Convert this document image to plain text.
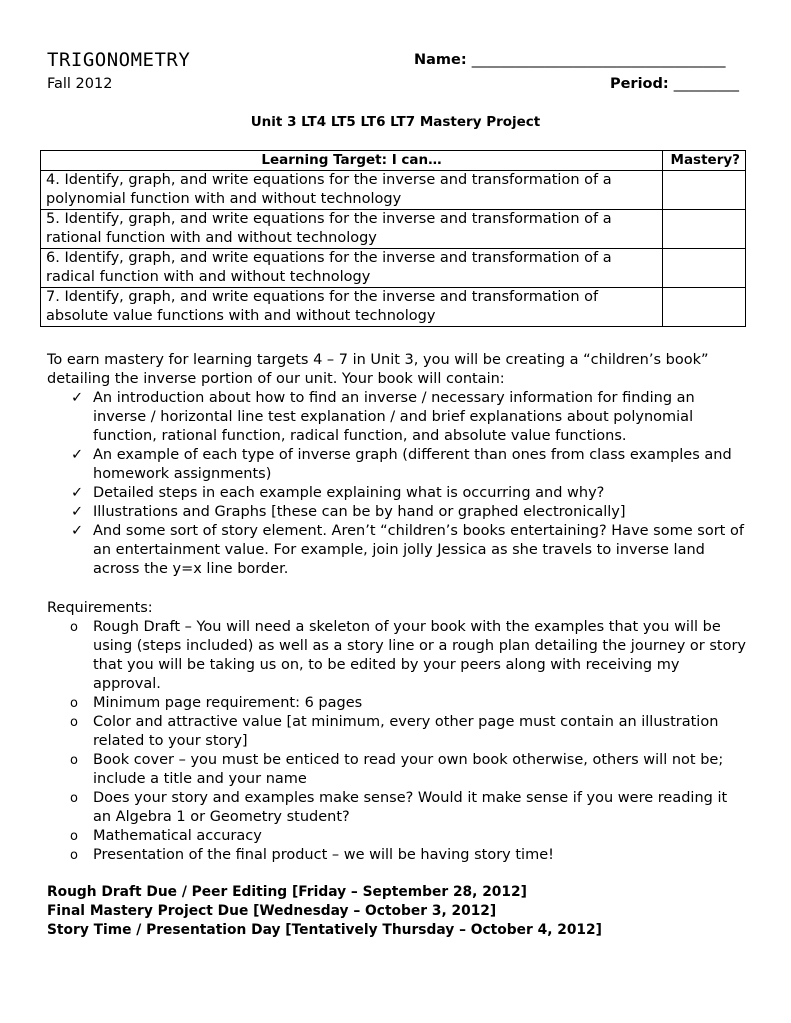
TRIGONOMETRY	Name: ___________________________________
Fall 2012	Period: _________
Unit 3 LT4 LT5 LT6 LT7 Mastery Project
Learning Target: I can…	Mastery?
4. Identify, graph, and write equations for the inverse and transformation of a polynomial function with and without technology	
5. Identify, graph, and write equations for the inverse and transformation of a rational function with and without technology	
6. Identify, graph, and write equations for the inverse and transformation of a radical function with and without technology	
7. Identify, graph, and write equations for the inverse and transformation of absolute value functions with and without technology	
To earn mastery for learning targets 4 – 7 in Unit 3, you will be creating a “children’s book” detailing the inverse portion of our unit. Your book will contain:
✓ An introduction about how to find an inverse / necessary information for finding an inverse / horizontal line test explanation / and brief explanations about polynomial function, rational function, radical function, and absolute value functions.
✓ An example of each type of inverse graph (different than ones from class examples and homework assignments)
✓ Detailed steps in each example explaining what is occurring and why?
✓ Illustrations and Graphs [these can be by hand or graphed electronically]
✓ And some sort of story element. Aren’t “children’s books entertaining? Have some sort of an entertainment value. For example, join jolly Jessica as she travels to inverse land across the y=x line border.
Requirements:
o Rough Draft – You will need a skeleton of your book with the examples that you will be using (steps included) as well as a story line or a rough plan detailing the journey or story that you will be taking us on, to be edited by your peers along with receiving my approval.
o Minimum page requirement: 6 pages
o Color and attractive value [at minimum, every other page must contain an illustration related to your story]
o Book cover – you must be enticed to read your own book otherwise, others will not be; include a title and your name
o Does your story and examples make sense? Would it make sense if you were reading it an Algebra 1 or Geometry student?
o Mathematical accuracy
o Presentation of the final product – we will be having story time!
Rough Draft Due / Peer Editing [Friday – September 28, 2012]
Final Mastery Project Due [Wednesday – October 3, 2012]
Story Time / Presentation Day [Tentatively Thursday – October 4, 2012]
